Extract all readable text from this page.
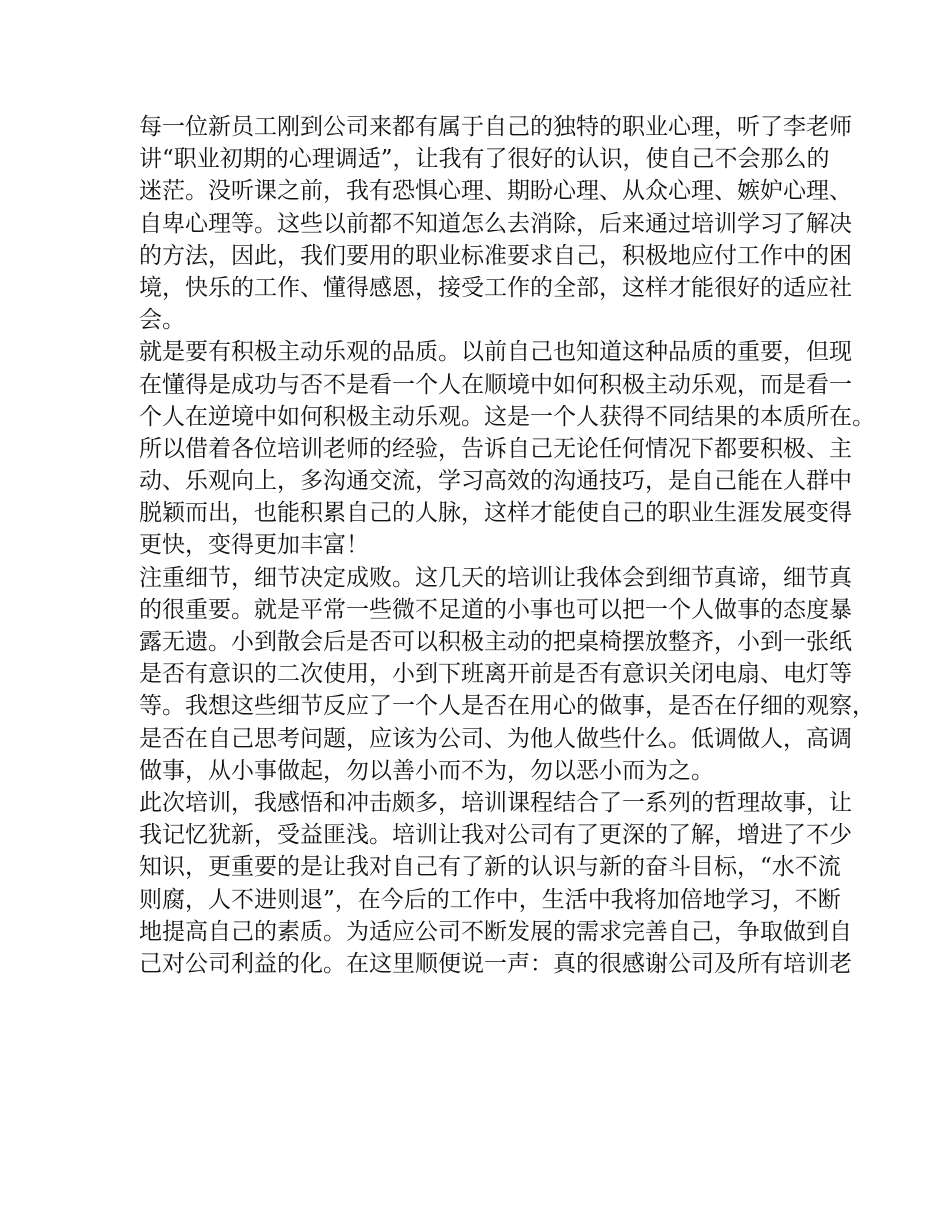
每一位新员工刚到公司来都有属于自己的独特的职业心理，听了李老师
讲“职业初期的心理调适”，让我有了很好的认识，使自己不会那么的
迷茫。没听课之前，我有恐惧心理、期盼心理、从众心理、嫉妒心理、
自卑心理等。这些以前都不知道怎么去消除，后来通过培训学习了解决
的方法，因此，我们要用的职业标准要求自己，积极地应付工作中的困
境，快乐的工作、懂得感恩，接受工作的全部，这样才能很好的适应社
会。
就是要有积极主动乐观的品质。以前自己也知道这种品质的重要，但现
在懂得是成功与否不是看一个人在顺境中如何积极主动乐观，而是看一
个人在逆境中如何积极主动乐观。这是一个人获得不同结果的本质所在。
所以借着各位培训老师的经验，告诉自己无论任何情况下都要积极、主
动、乐观向上，多沟通交流，学习高效的沟通技巧，是自己能在人群中
脱颖而出，也能积累自己的人脉，这样才能使自己的职业生涯发展变得
更快，变得更加丰富！
注重细节，细节决定成败。这几天的培训让我体会到细节真谛，细节真
的很重要。就是平常一些微不足道的小事也可以把一个人做事的态度暴
露无遗。小到散会后是否可以积极主动的把桌椅摆放整齐，小到一张纸
是否有意识的二次使用，小到下班离开前是否有意识关闭电扇、电灯等
等。我想这些细节反应了一个人是否在用心的做事，是否在仔细的观察，
是否在自己思考问题，应该为公司、为他人做些什么。低调做人，高调
做事，从小事做起，勿以善小而不为，勿以恶小而为之。
此次培训，我感悟和冲击颇多，培训课程结合了一系列的哲理故事，让
我记忆犹新，受益匪浅。培训让我对公司有了更深的了解，增进了不少
知识，更重要的是让我对自己有了新的认识与新的奋斗目标，“水不流
则腐，人不进则退”，在今后的工作中，生活中我将加倍地学习，不断
地提高自己的素质。为适应公司不断发展的需求完善自己，争取做到自
己对公司利益的化。在这里顺便说一声：真的很感谢公司及所有培训老
